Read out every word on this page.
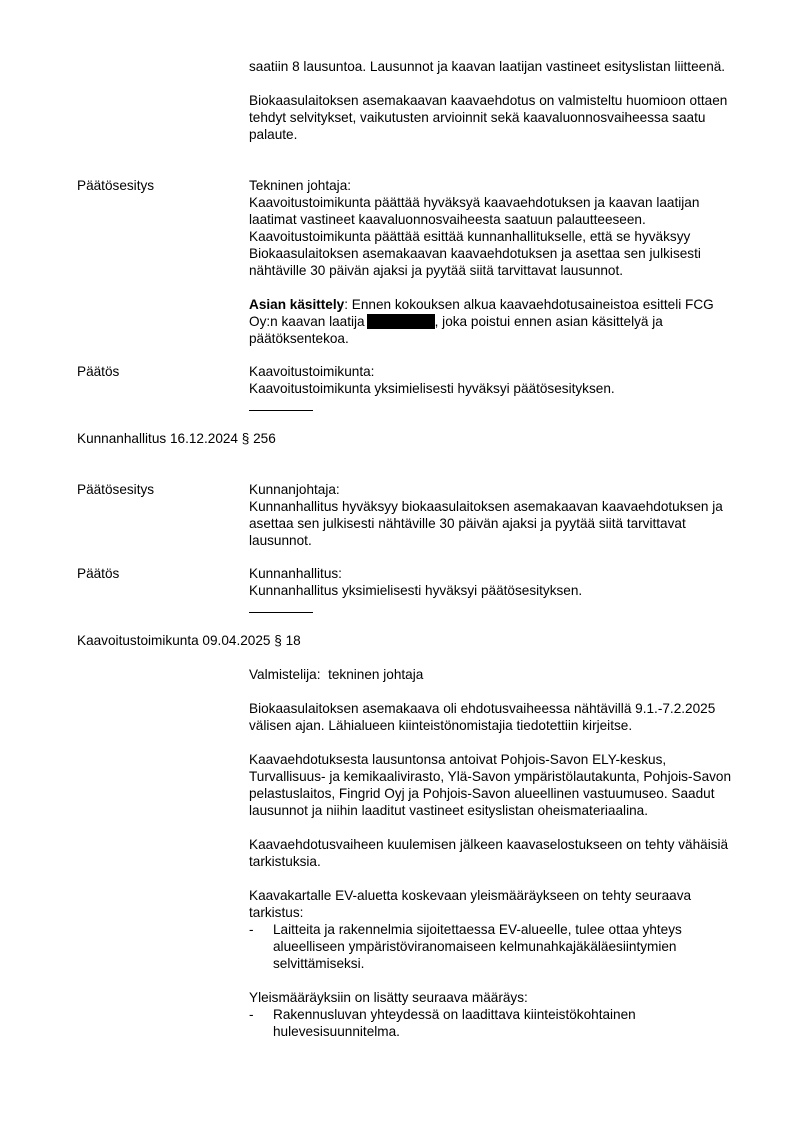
saatiin 8 lausuntoa. Lausunnot ja kaavan laatijan vastineet esityslistan liitteenä.

Biokaasulaitoksen asemakaavan kaavaehdotus on valmisteltu huomioon ottaen tehdyt selvitykset, vaikutusten arvioinnit sekä kaavaluonnosvaiheessa saatu palaute.

Päätösesitys	Tekninen johtaja:

Kaavoitustoimikunta päättää hyväksyä kaavaehdotuksen ja kaavan laatijan laatimat vastineet kaavaluonnosvaiheesta saatuun palautteeseen. Kaavoitustoimikunta päättää esittää kunnanhallitukselle, että se hyväksyy Biokaasulaitoksen asemakaavan kaavaehdotuksen ja asettaa sen julkisesti nähtäville 30 päivän ajaksi ja pyytää siitä tarvittavat lausunnot.

Asian käsittely: Ennen kokouksen alkua kaavaehdotusaineistoa esitteli FCG Oy:n kaavan laatija	, joka poistui ennen asian käsittelyä ja päätöksentekoa.

Päätös	Kaavoitustoimikunta:

Kaavoitustoimikunta yksimielisesti hyväksyi päätösesityksen.

Kunnanhallitus 16.12.2024 § 256
Päätösesitys	Kunnanjohtaja:

Kunnanhallitus hyväksyy biokaasulaitoksen asemakaavan kaavaehdotuksen ja asettaa sen julkisesti nähtäville 30 päivän ajaksi ja pyytää siitä tarvittavat lausunnot.

Päätös	Kunnanhallitus:

Kunnanhallitus yksimielisesti hyväksyi päätösesityksen.

Kaavoitustoimikunta 09.04.2025 § 18

Valmistelija:  tekninen johtaja

Biokaasulaitoksen asemakaava oli ehdotusvaiheessa nähtävillä 9.1.-7.2.2025 välisen ajan. Lähialueen kiinteistönomistajia tiedotettiin kirjeitse.

Kaavaehdotuksesta lausuntonsa antoivat Pohjois-Savon ELY-keskus, Turvallisuus- ja kemikaalivirasto, Ylä-Savon ympäristölautakunta, Pohjois-Savon pelastuslaitos, Fingrid Oyj ja Pohjois-Savon alueellinen vastuumuseo. Saadut lausunnot ja niihin laaditut vastineet esityslistan oheismateriaalina.

Kaavaehdotusvaiheen kuulemisen jälkeen kaavaselostukseen on tehty vähäisiä tarkistuksia.

Kaavakartalle EV-aluetta koskevaan yleismääräykseen on tehty seuraava tarkistus:

- Laitteita ja rakennelmia sijoitettaessa EV-alueelle, tulee ottaa yhteys alueelliseen ympäristöviranomaiseen kelmunahkajäkäläesiintymien selvittämiseksi.

Yleismääräyksiin on lisätty seuraava määräys:

- Rakennusluvan yhteydessä on laadittava kiinteistökohtainen hulevesisuunnitelma.
